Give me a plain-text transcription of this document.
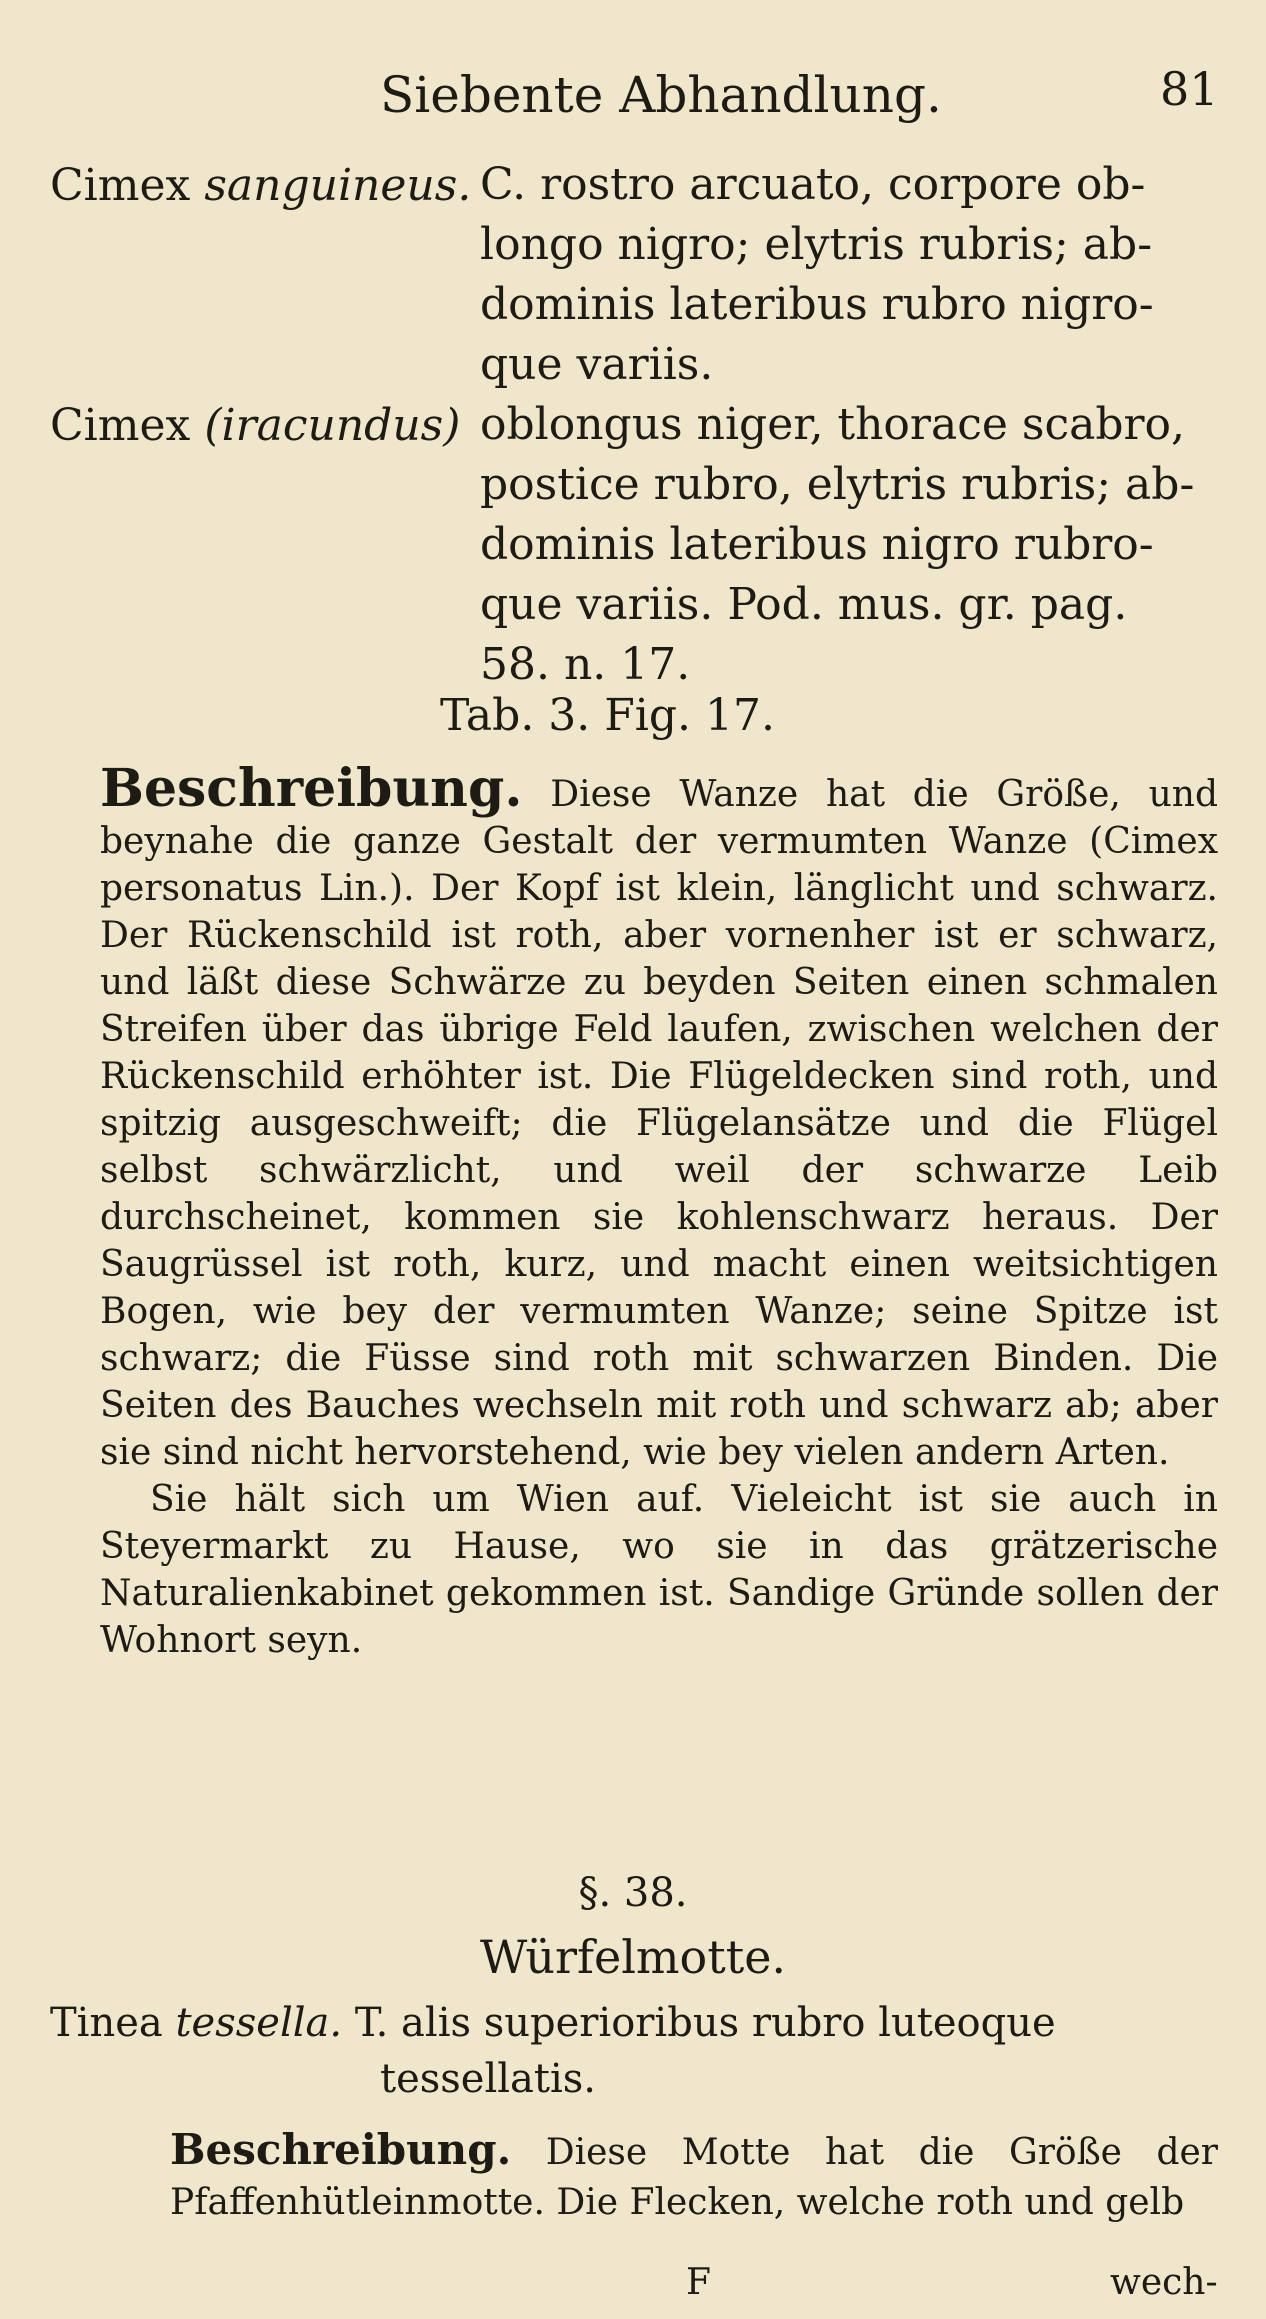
Siebente Abhandlung.	81
Cimex sanguineus. C. rostro arcuato, corpore ob-
longo nigro; elytris rubris; ab-
dominis lateribus rubro nigro-
que variis.
Cimex (iracundus) oblongus niger, thorace scabro,
postice rubro, elytris rubris; ab-
dominis lateribus nigro rubro-
que variis. Pod. mus. gr. pag.
58. n. 17.
Tab. 3. Fig. 17.

Beschreibung. Diese Wanze hat die Größe, und beynahe die ganze Gestalt der vermumten Wanze (Cimex personatus Lin.). Der Kopf ist klein, länglicht und schwarz. Der Rückenschild ist roth, aber vornenher ist er schwarz, und läßt diese Schwärze zu beyden Seiten einen schmalen Streifen über das übrige Feld laufen, zwischen welchen der Rückenschild erhöhter ist. Die Flügeldecken sind roth, und spitzig ausgeschweift; die Flügelansätze und die Flügel selbst schwärzlicht, und weil der schwarze Leib durchscheinet, kommen sie kohlenschwarz heraus. Der Saugrüssel ist roth, kurz, und macht einen weitsichtigen Bogen, wie bey der vermumten Wanze; seine Spitze ist schwarz; die Füsse sind roth mit schwarzen Binden. Die Seiten des Bauches wechseln mit roth und schwarz ab; aber sie sind nicht hervorstehend, wie bey vielen andern Arten.

Sie hält sich um Wien auf. Vieleicht ist sie auch in Steyermarkt zu Hause, wo sie in das grätzerische Naturalienkabinet gekommen ist. Sandige Gründe sollen der Wohnort seyn.

§. 38.
Würfelmotte.
Tinea tessella. T. alis superioribus rubro luteoque
tessellatis.
Beschreibung. Diese Motte hat die Größe der Pfaffenhütleinmotte. Die Flecken, welche roth und gelb
F	wech-
